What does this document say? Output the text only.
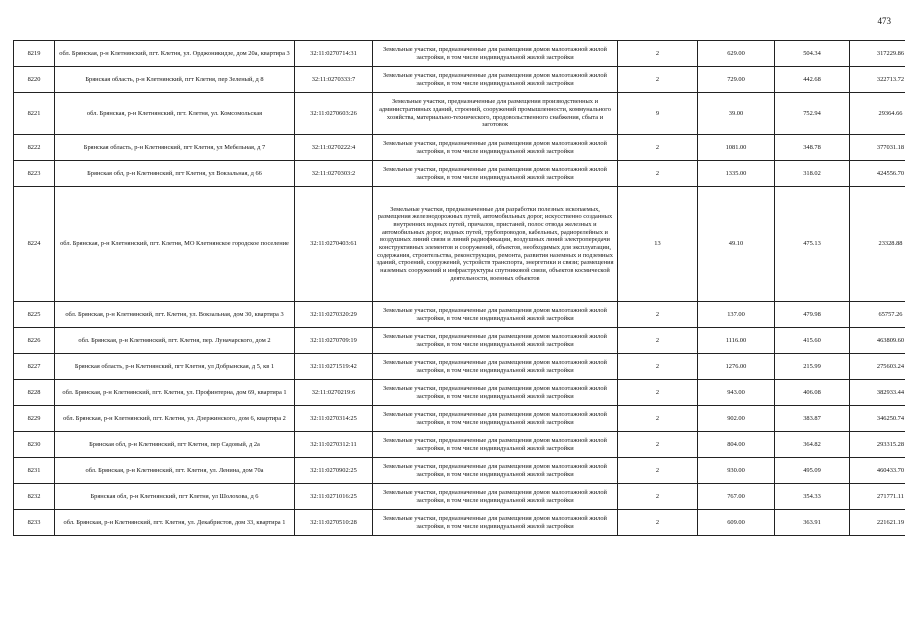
473
8219	обл. Брянская, р-н Клетнянский, пгт. Клетня, ул. Орджоникидзе, дом 20а, квартира 3	32:11:0270714:31	Земельные участки, предназначенные для размещения домов малоэтажной жилой застройки, в том числе индивидуальной жилой застройки	2	629.00	504.34	317229.86
8220	Брянская область, р-н Клетнянский, пгт Клетня, пер Зеленый, д 8	32:11:0270333:7	Земельные участки, предназначенные для размещения домов малоэтажной жилой застройки, в том числе индивидуальной жилой застройки	2	729.00	442.68	322713.72
8221	обл. Брянская, р-н Клетнянский, пгт. Клетня, ул. Комсомольская	32:11:0270603:26	Земельные участки, предназначенные для размещения производственных и административных зданий, строений, сооружений промышленности, коммунального хозяйства, материально-технического, продовольственного снабжения, сбыта и заготовок	9	39.00	752.94	29364.66
8222	Брянская область, р-н Клетнянский, пгт Клетня, ул Мебельная, д 7	32:11:0270222:4	Земельные участки, предназначенные для размещения домов малоэтажной жилой застройки, в том числе индивидуальной жилой застройки	2	1081.00	348.78	377031.18
8223	Брянская обл, р-н Клетнянский, пгт Клетня, ул Вокзальная, д 66	32:11:0270303:2	Земельные участки, предназначенные для размещения домов малоэтажной жилой застройки, в том числе индивидуальной жилой застройки	2	1335.00	318.02	424556.70
8224	обл. Брянская, р-н Клетнянский, пгт. Клетня, МО Клетнянское городское поселение	32:11:0270403:61	Земельные участки, предназначенные для разработки полезных ископаемых, размещения железнодорожных путей, автомобильных дорог, искусственно созданных внутренних водных путей, причалов, пристаней, полос отвода железных и автомобильных дорог, водных путей, трубопроводов, кабельных, радиорелейных и воздушных линий связи и линий радиофикации, воздушных линий электропередачи конструктивных элементов и сооружений, объектов, необходимых для эксплуатации, содержания, строительства, реконструкции, ремонта, развития наземных и подземных зданий, строений, сооружений, устройств транспорта, энергетики и связи; размещения наземных сооружений и инфраструктуры спутниковой связи, объектов космической деятельности, военных объектов	13	49.10	475.13	23328.88
8225	обл. Брянская, р-н Клетнянский, пгт. Клетня, ул. Вокзальная, дом 30, квартира 3	32:11:0270320:29	Земельные участки, предназначенные для размещения домов малоэтажной жилой застройки, в том числе индивидуальной жилой застройки	2	137.00	479.98	65757.26
8226	обл. Брянская, р-н Клетнянский, пгт. Клетня, пер. Луначарского, дом 2	32:11:0270709:19	Земельные участки, предназначенные для размещения домов малоэтажной жилой застройки, в том числе индивидуальной жилой застройки	2	1116.00	415.60	463809.60
8227	Брянская область, р-н Клетнянский, пгт Клетня, ул Добрынская, д 5, кв 1	32:11:0271519:42	Земельные участки, предназначенные для размещения домов малоэтажной жилой застройки, в том числе индивидуальной жилой застройки	2	1276.00	215.99	275603.24
8228	обл. Брянская, р-н Клетнянский, пгт. Клетня, ул. Профинтерна, дом 69, квартира 1	32:11:0270219:6	Земельные участки, предназначенные для размещения домов малоэтажной жилой застройки, в том числе индивидуальной жилой застройки	2	943.00	406.08	382933.44
8229	обл. Брянская, р-н Клетнянский, пгт. Клетня, ул. Дзержинского, дом 6, квартира 2	32:11:0270314:25	Земельные участки, предназначенные для размещения домов малоэтажной жилой застройки, в том числе индивидуальной жилой застройки	2	902.00	383.87	346250.74
8230	Брянская обл, р-н Клетнянский, пгт Клетня, пер Садовый, д 2а	32:11:0270312:11	Земельные участки, предназначенные для размещения домов малоэтажной жилой застройки, в том числе индивидуальной жилой застройки	2	804.00	364.82	293315.28
8231	обл. Брянская, р-н Клетнянский, пгт. Клетня, ул. Ленина, дом 70а	32:11:0270902:25	Земельные участки, предназначенные для размещения домов малоэтажной жилой застройки, в том числе индивидуальной жилой застройки	2	930.00	495.09	460433.70
8232	Брянская обл, р-н Клетнянский, пгт Клетня, ул Шолохова, д 6	32:11:0271016:25	Земельные участки, предназначенные для размещения домов малоэтажной жилой застройки, в том числе индивидуальной жилой застройки	2	767.00	354.33	271771.11
8233	обл. Брянская, р-н Клетнянский, пгт. Клетня, ул. Декабристов, дом 33, квартира 1	32:11:0270510:28	Земельные участки, предназначенные для размещения домов малоэтажной жилой застройки, в том числе индивидуальной жилой застройки	2	609.00	363.91	221621.19
